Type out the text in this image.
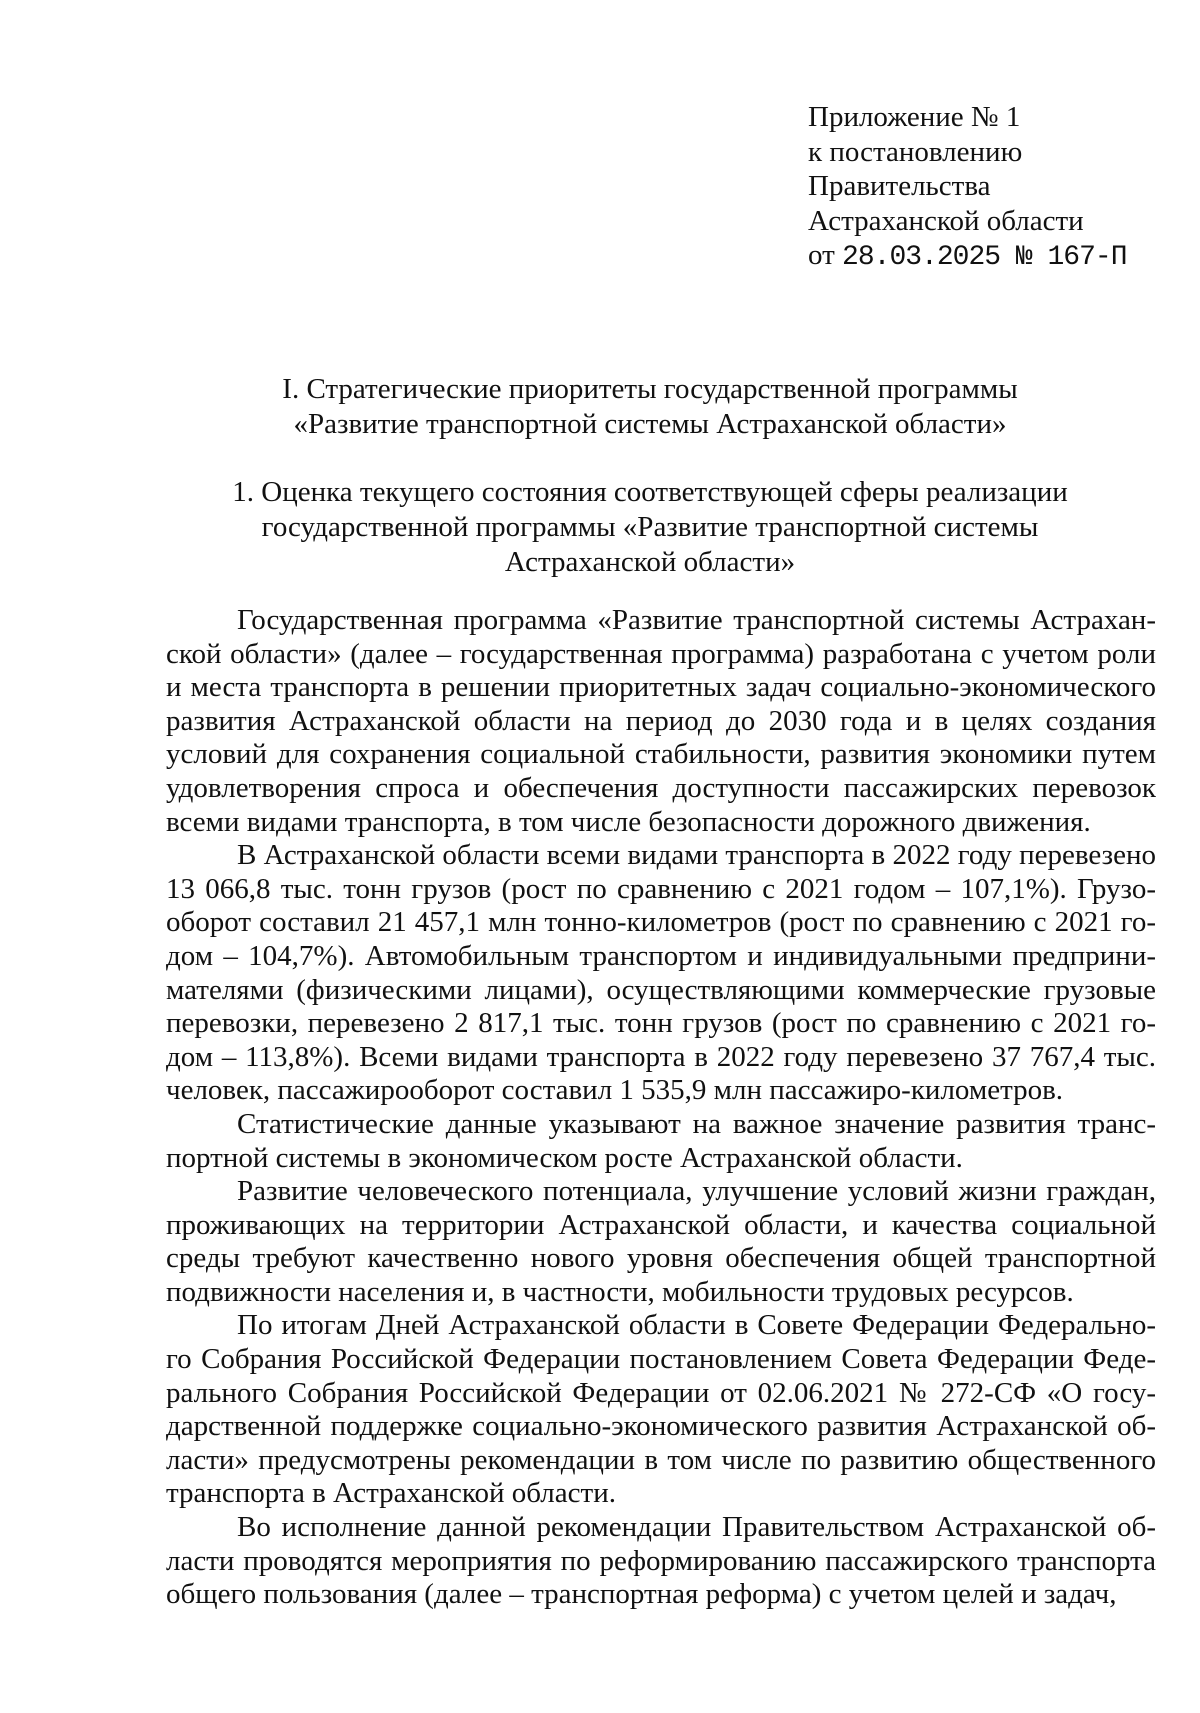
Приложение № 1
к постановлению
Правительства
Астраханской области
от 28.03.2025 № 167-П
I. Стратегические приоритеты государственной программы
«Развитие транспортной системы Астраханской области»
1. Оценка текущего состояния соответствующей сферы реализации
государственной программы «Развитие транспортной системы
Астраханской области»
Государственная программа «Развитие транспортной системы Астрахан-
ской области» (далее – государственная программа) разработана с учетом роли
и места транспорта в решении приоритетных задач социально-экономического
развития Астраханской области на период до 2030 года и в целях создания
условий для сохранения социальной стабильности, развития экономики путем
удовлетворения спроса и обеспечения доступности пассажирских перевозок
всеми видами транспорта, в том числе безопасности дорожного движения.
В Астраханской области всеми видами транспорта в 2022 году перевезено
13 066,8 тыс. тонн грузов (рост по сравнению с 2021 годом – 107,1%). Грузо-
оборот составил 21 457,1 млн тонно-километров (рост по сравнению с 2021 го-
дом – 104,7%). Автомобильным транспортом и индивидуальными предприни-
мателями (физическими лицами), осуществляющими коммерческие грузовые
перевозки, перевезено 2 817,1 тыс. тонн грузов (рост по сравнению с 2021 го-
дом – 113,8%). Всеми видами транспорта в 2022 году перевезено 37 767,4 тыс.
человек, пассажирооборот составил 1 535,9 млн пассажиро-километров.
Статистические данные указывают на важное значение развития транс-
портной системы в экономическом росте Астраханской области.
Развитие человеческого потенциала, улучшение условий жизни граждан,
проживающих на территории Астраханской области, и качества социальной
среды требуют качественно нового уровня обеспечения общей транспортной
подвижности населения и, в частности, мобильности трудовых ресурсов.
По итогам Дней Астраханской области в Совете Федерации Федерально-
го Собрания Российской Федерации постановлением Совета Федерации Феде-
рального Собрания Российской Федерации от 02.06.2021 № 272-СФ «О госу-
дарственной поддержке социально-экономического развития Астраханской об-
ласти» предусмотрены рекомендации в том числе по развитию общественного
транспорта в Астраханской области.
Во исполнение данной рекомендации Правительством Астраханской об-
ласти проводятся мероприятия по реформированию пассажирского транспорта
общего пользования (далее – транспортная реформа) с учетом целей и задач,
